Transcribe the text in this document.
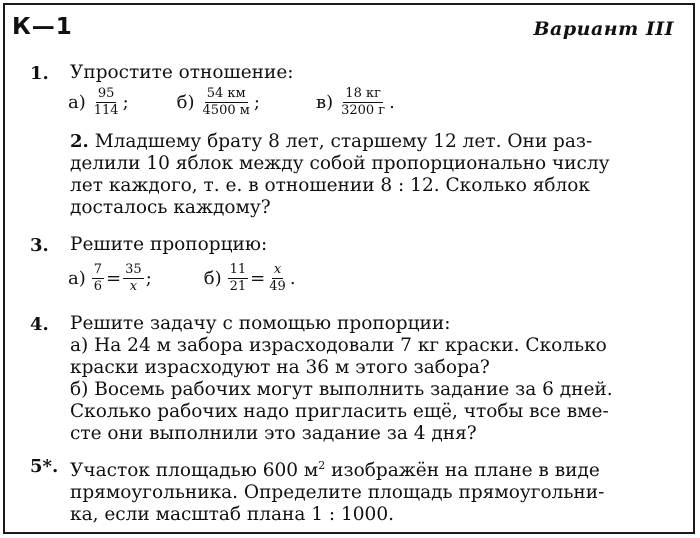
К—1	Вариант III
1. Упростите отношение:
$а) \frac{95}{114}$ ;	$б) \frac{54 км}{4500 м}$ ;	$в) \frac{18 кг}{3200 г}$ .
2. Младшему брату 8 лет, старшему 12 лет. Они раз-
делили 10 яблок между собой пропорционально числу
лет каждого, т. е. в отношении 8 : 12. Сколько яблок
досталось каждому?
3. Решите пропорцию:
$а) \frac{7}{6} = \frac{35}{x}$ ;	$б) \frac{11}{21} = \frac{x}{49}$ .
4. Решите задачу с помощью пропорции:
а) На 24 м забора израсходовали 7 кг краски. Сколько
краски израсходуют на 36 м этого забора?
б) Восемь рабочих могут выполнить задание за 6 дней.
Сколько рабочих надо пригласить ещё, чтобы все вме-
сте они выполнили это задание за 4 дня?
5*. Участок площадью 600 $м^2$ изображён на плане в виде
прямоугольника. Определите площадь прямоугольни-
ка, если масштаб плана 1 : 1000.
